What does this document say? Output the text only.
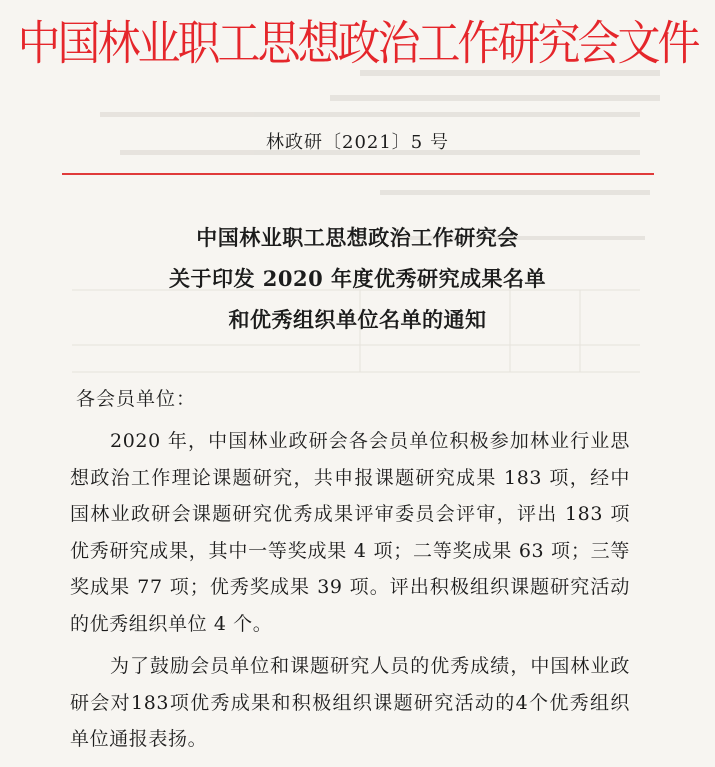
中国林业职工思想政治工作研究会文件
林政研〔2021〕5 号
中国林业职工思想政治工作研究会
关于印发 2020 年度优秀研究成果名单
和优秀组织单位名单的通知
各会员单位：
2020 年，中国林业政研会各会员单位积极参加林业行业思想政治工作理论课题研究，共申报课题研究成果 183 项，经中国林业政研会课题研究优秀成果评审委员会评审，评出 183 项优秀研究成果，其中一等奖成果 4 项；二等奖成果 63 项；三等奖成果 77 项；优秀奖成果 39 项。评出积极组织课题研究活动的优秀组织单位 4 个。
为了鼓励会员单位和课题研究人员的优秀成绩，中国林业政研会对183项优秀成果和积极组织课题研究活动的4个优秀组织单位通报表扬。
